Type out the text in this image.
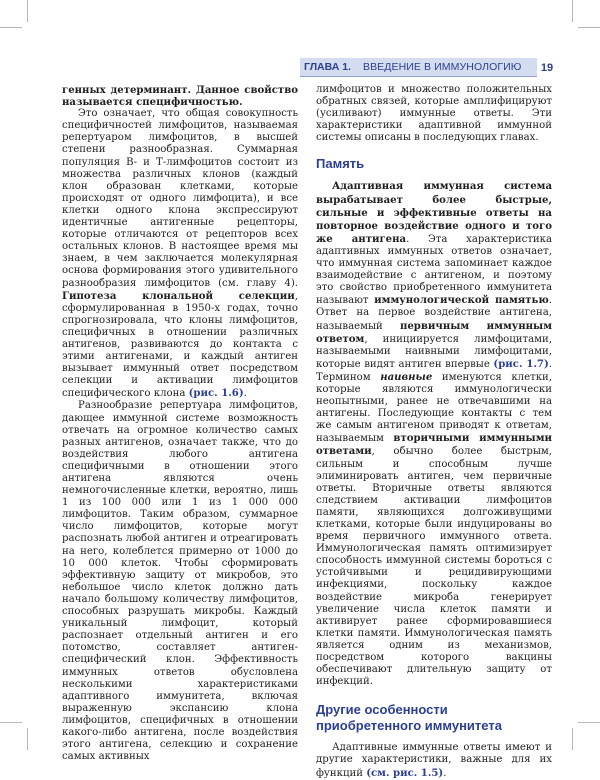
ГЛАВА 1. ВВЕДЕНИЕ В ИММУНОЛОГИЮ	19

генных детерминант. Данное свойство называется специфичностью.

Это означает, что общая совокупность специфичностей лимфоцитов, называемая репертуаром лимфоцитов, в высшей степени разнообразная. Суммарная популяция В- и Т-лимфоцитов состоит из множества различных клонов (каждый клон образован клетками, которые происходят от одного лимфоцита), и все клетки одного клона экспрессируют идентичные антигенные рецепторы, которые отличаются от рецепторов всех остальных клонов. В настоящее время мы знаем, в чем заключается молекулярная основа формирования этого удивительного разнообразия лимфоцитов (см. главу 4). Гипотеза клональной селекции, сформулированная в 1950-х годах, точно спрогнозировала, что клоны лимфоцитов, специфичных в отношении различных антигенов, развиваются до контакта с этими антигенами, и каждый антиген вызывает иммунный ответ посредством селекции и активации лимфоцитов специфического клона (рис. 1.6).

Разнообразие репертуара лимфоцитов, дающее иммунной системе возможность отвечать на огромное количество самых разных антигенов, означает также, что до воздействия любого антигена специфичными в отношении этого антигена являются очень немногочисленные клетки, вероятно, лишь 1 из 100 000 или 1 из 1 000 000 лимфоцитов. Таким образом, суммарное число лимфоцитов, которые могут распознать любой антиген и отреагировать на него, колеблется примерно от 1000 до 10 000 клеток. Чтобы сформировать эффективную защиту от микробов, это небольшое число клеток должно дать начало большому количеству лимфоцитов, способных разрушать микробы. Каждый уникальный лимфоцит, который распознает отдельный антиген и его потомство, составляет антиген-специфический клон. Эффективность иммунных ответов обусловлена несколькими характеристиками адаптивного иммунитета, включая выраженную экспансию клона лимфоцитов, специфичных в отношении какого-либо антигена, после воздействия этого антигена, селекцию и сохранение самых активных

лимфоцитов и множество положительных обратных связей, которые амплифицируют (усиливают) иммунные ответы. Эти характеристики адаптивной иммунной системы описаны в последующих главах.

Память

Адаптивная иммунная система вырабатывает более быстрые, сильные и эффективные ответы на повторное воздействие одного и того же антигена. Эта характеристика адаптивных иммунных ответов означает, что иммунная система запоминает каждое взаимодействие с антигеном, и поэтому это свойство приобретенного иммунитета называют иммунологической памятью. Ответ на первое воздействие антигена, называемый первичным иммунным ответом, инициируется лимфоцитами, называемыми наивными лимфоцитами, которые видят антиген впервые (рис. 1.7). Термином наивные именуются клетки, которые являются иммунологически неопытными, ранее не отвечавшими на антигены. Последующие контакты с тем же самым антигеном приводят к ответам, называемым вторичными иммунными ответами, обычно более быстрым, сильным и способным лучше элиминировать антиген, чем первичные ответы. Вторичные ответы являются следствием активации лимфоцитов памяти, являющихся долгоживущими клетками, которые были индуцированы во время первичного иммунного ответа. Иммунологическая память оптимизирует способность иммунной системы бороться с устойчивыми и рецидивирующими инфекциями, поскольку каждое воздействие микроба генерирует увеличение числа клеток памяти и активирует ранее сформировавшиеся клетки памяти. Иммунологическая память является одним из механизмов, посредством которого вакцины обеспечивают длительную защиту от инфекций.

Другие особенности приобретенного иммунитета

Адаптивные иммунные ответы имеют и другие характеристики, важные для их функций (см. рис. 1.5).
